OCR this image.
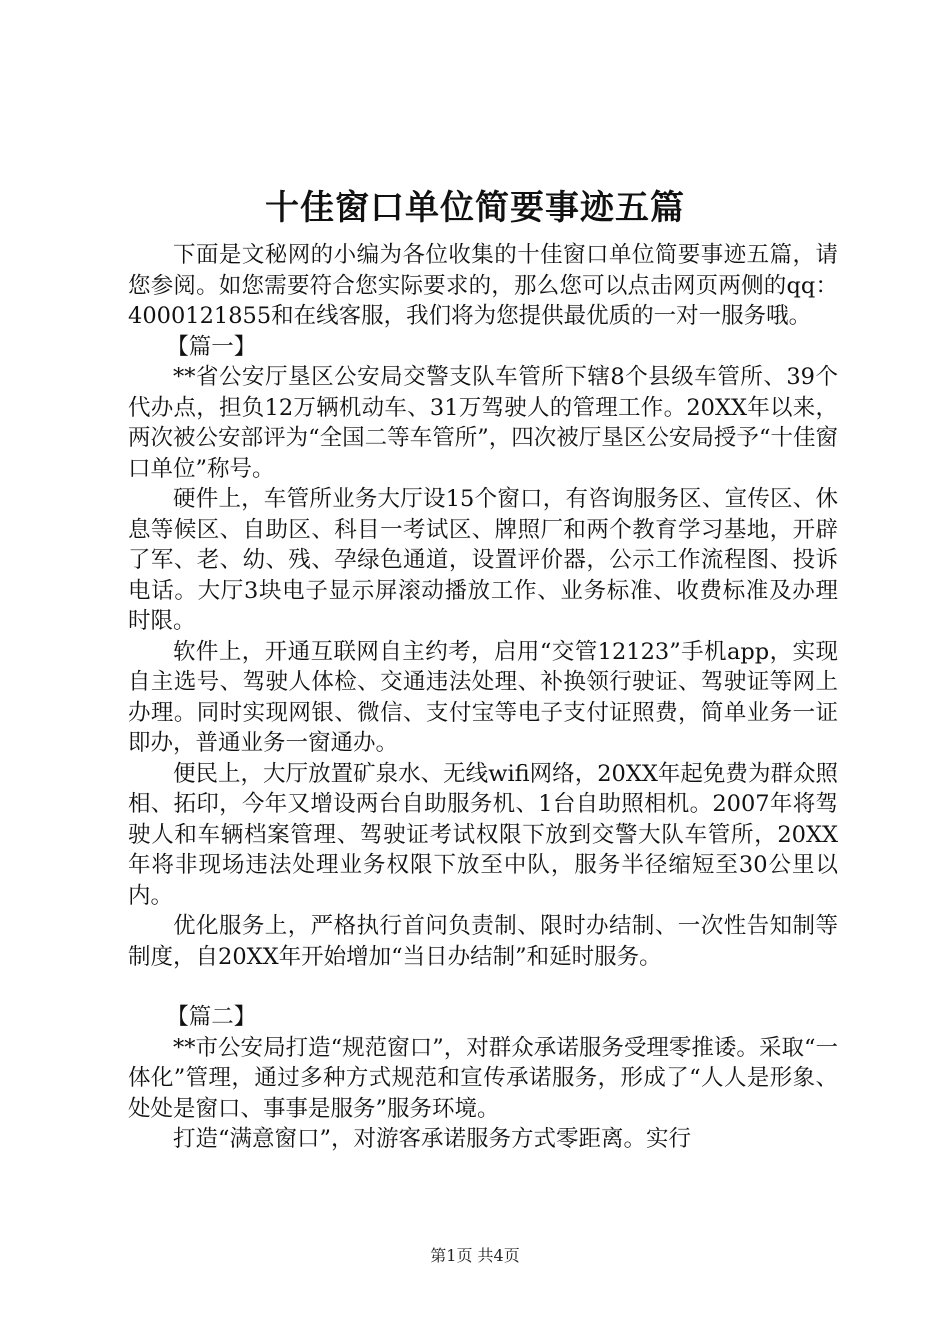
十佳窗口单位简要事迹五篇

下面是文秘网的小编为各位收集的十佳窗口单位简要事迹五篇，请您参阅。如您需要符合您实际要求的，那么您可以点击网页两侧的qq：4000121855和在线客服，我们将为您提供最优质的一对一服务哦。

【篇一】

**省公安厅垦区公安局交警支队车管所下辖8个县级车管所、39个代办点，担负12万辆机动车、31万驾驶人的管理工作。20XX年以来，两次被公安部评为“全国二等车管所”，四次被厅垦区公安局授予“十佳窗口单位”称号。

硬件上，车管所业务大厅设15个窗口，有咨询服务区、宣传区、休息等候区、自助区、科目一考试区、牌照厂和两个教育学习基地，开辟了军、老、幼、残、孕绿色通道，设置评价器，公示工作流程图、投诉电话。大厅3块电子显示屏滚动播放工作、业务标准、收费标准及办理时限。

软件上，开通互联网自主约考，启用“交管12123”手机app，实现自主选号、驾驶人体检、交通违法处理、补换领行驶证、驾驶证等网上办理。同时实现网银、微信、支付宝等电子支付证照费，简单业务一证即办，普通业务一窗通办。

便民上，大厅放置矿泉水、无线wifi网络，20XX年起免费为群众照相、拓印，今年又增设两台自助服务机、1台自助照相机。2007年将驾驶人和车辆档案管理、驾驶证考试权限下放到交警大队车管所，20XX年将非现场违法处理业务权限下放至中队，服务半径缩短至30公里以内。

优化服务上，严格执行首问负责制、限时办结制、一次性告知制等制度，自20XX年开始增加“当日办结制”和延时服务。

【篇二】

**市公安局打造“规范窗口”，对群众承诺服务受理零推诿。采取“一体化”管理，通过多种方式规范和宣传承诺服务，形成了“人人是形象、处处是窗口、事事是服务”服务环境。

打造“满意窗口”，对游客承诺服务方式零距离。实行

第1页 共4页
